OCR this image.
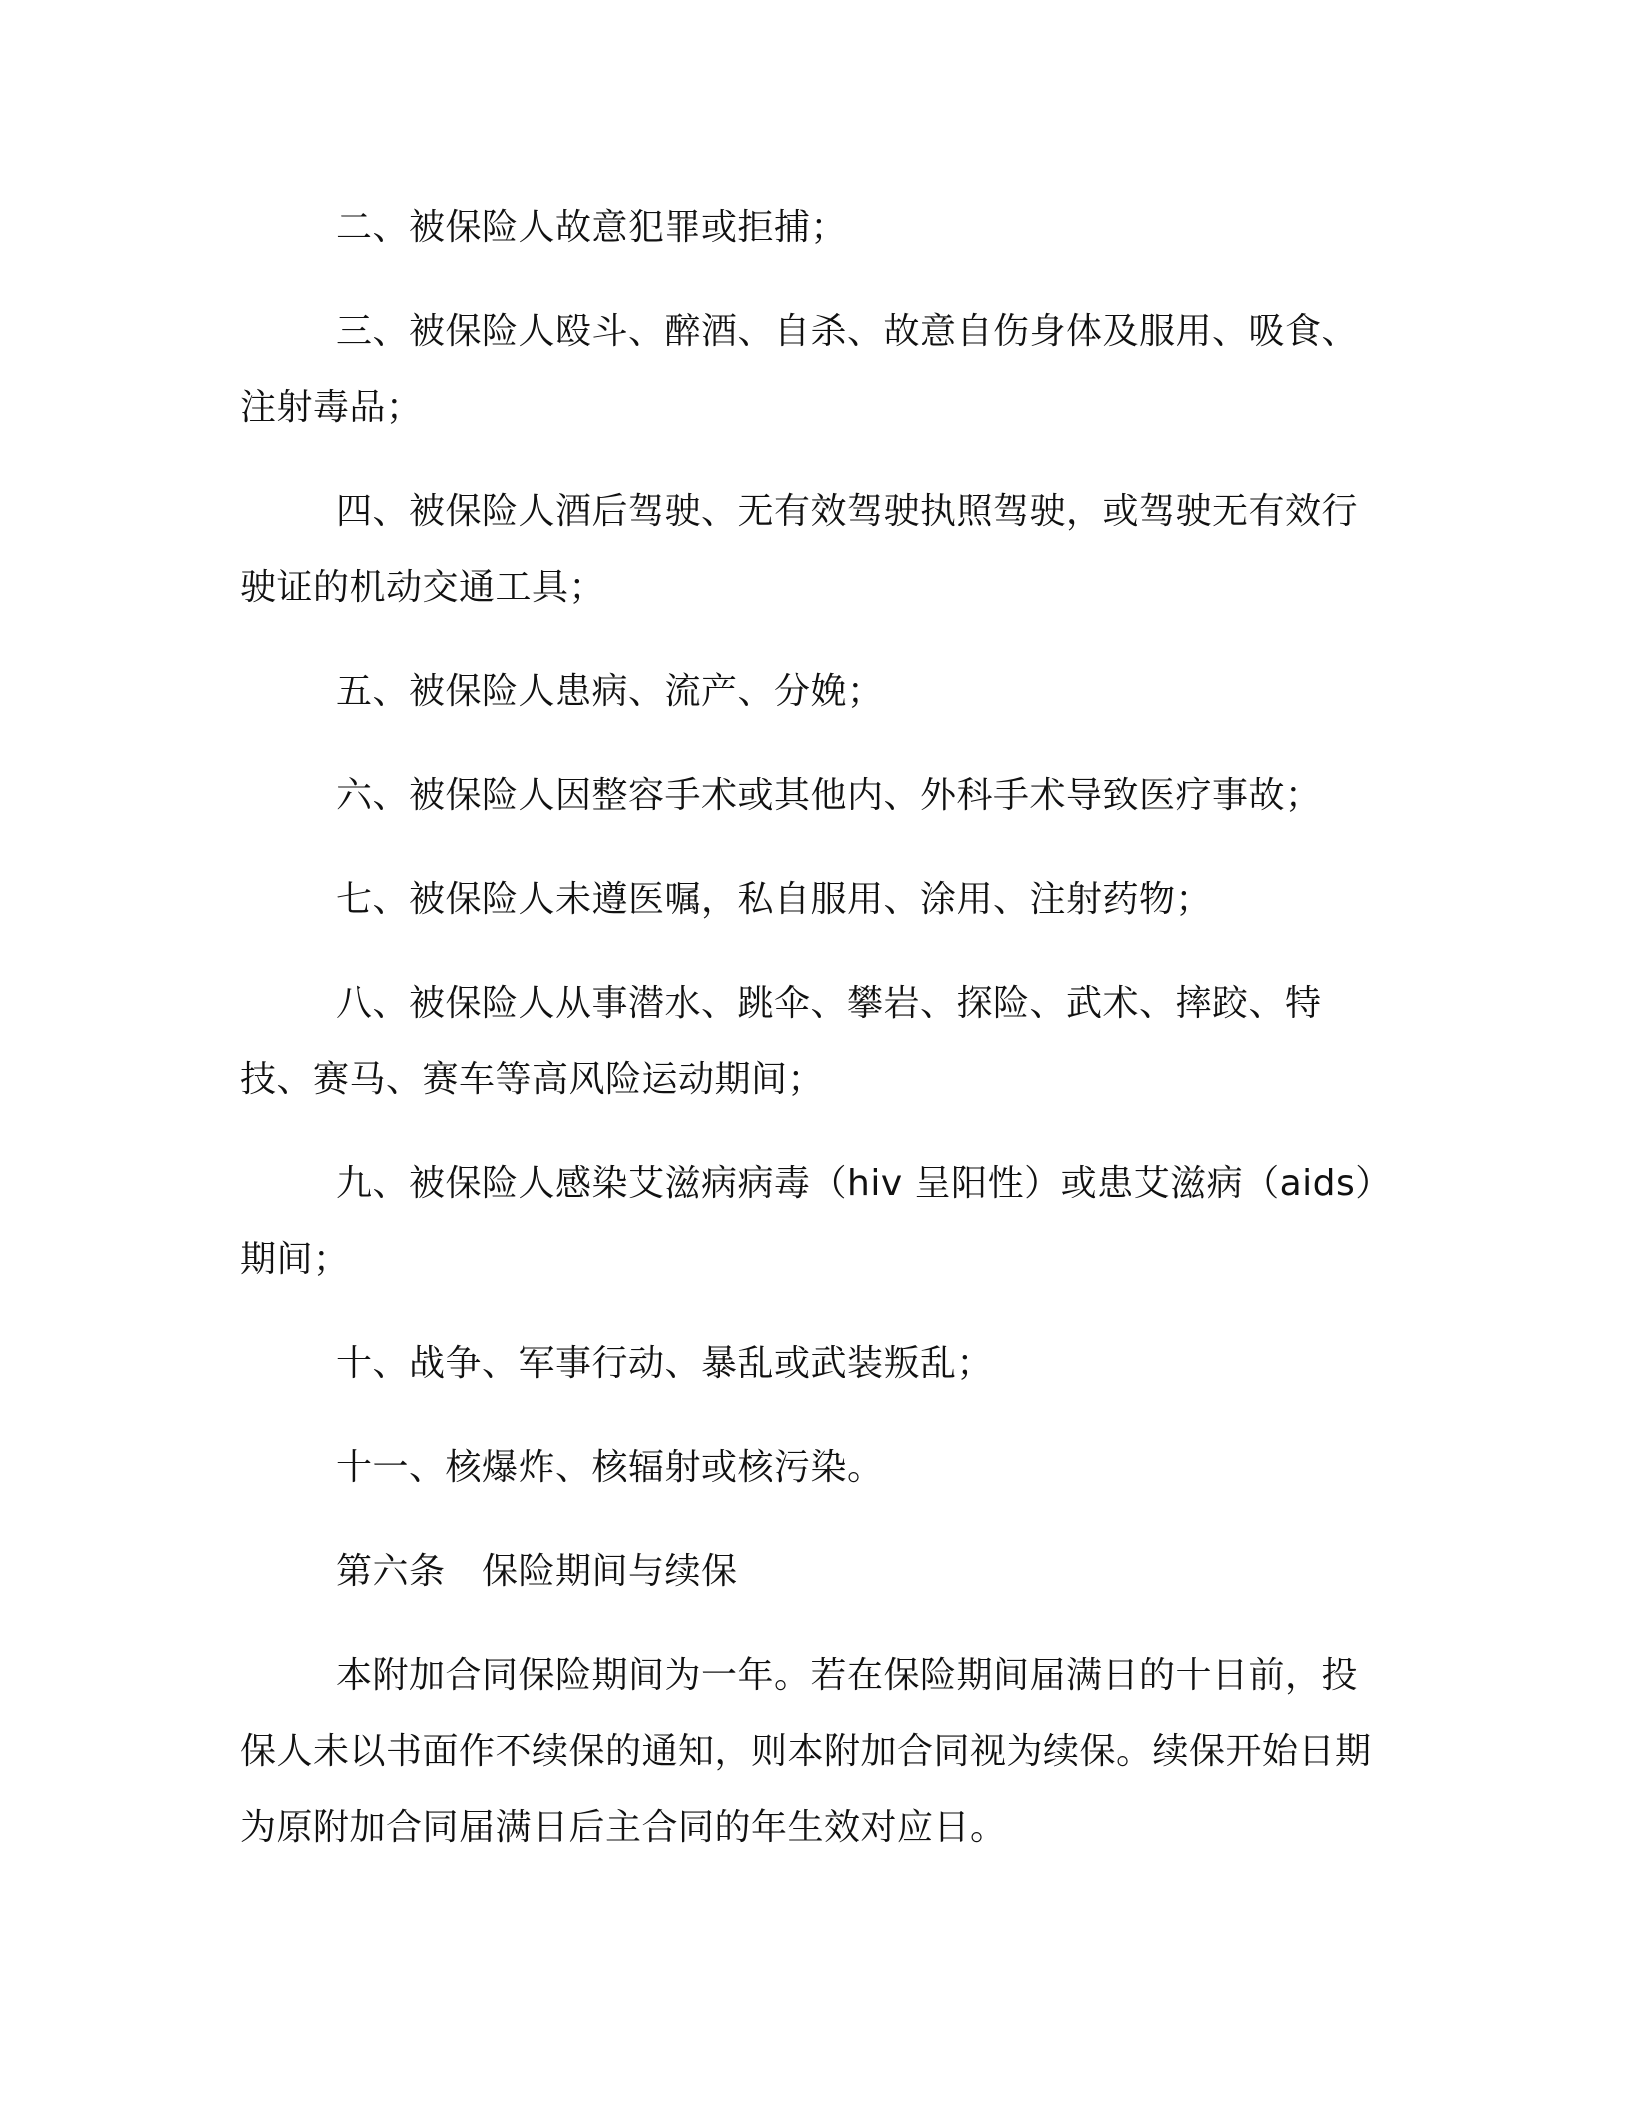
二、被保险人故意犯罪或拒捕；

三、被保险人殴斗、醉酒、自杀、故意自伤身体及服用、吸食、注射毒品；

四、被保险人酒后驾驶、无有效驾驶执照驾驶，或驾驶无有效行驶证的机动交通工具；

五、被保险人患病、流产、分娩；

六、被保险人因整容手术或其他内、外科手术导致医疗事故；

七、被保险人未遵医嘱，私自服用、涂用、注射药物；

八、被保险人从事潜水、跳伞、攀岩、探险、武术、摔跤、特技、赛马、赛车等高风险运动期间；

九、被保险人感染艾滋病病毒（hiv 呈阳性）或患艾滋病（aids）期间；

十、战争、军事行动、暴乱或武装叛乱；

十一、核爆炸、核辐射或核污染。

第六条　保险期间与续保

本附加合同保险期间为一年。若在保险期间届满日的十日前，投保人未以书面作不续保的通知，则本附加合同视为续保。续保开始日期为原附加合同届满日后主合同的年生效对应日。
